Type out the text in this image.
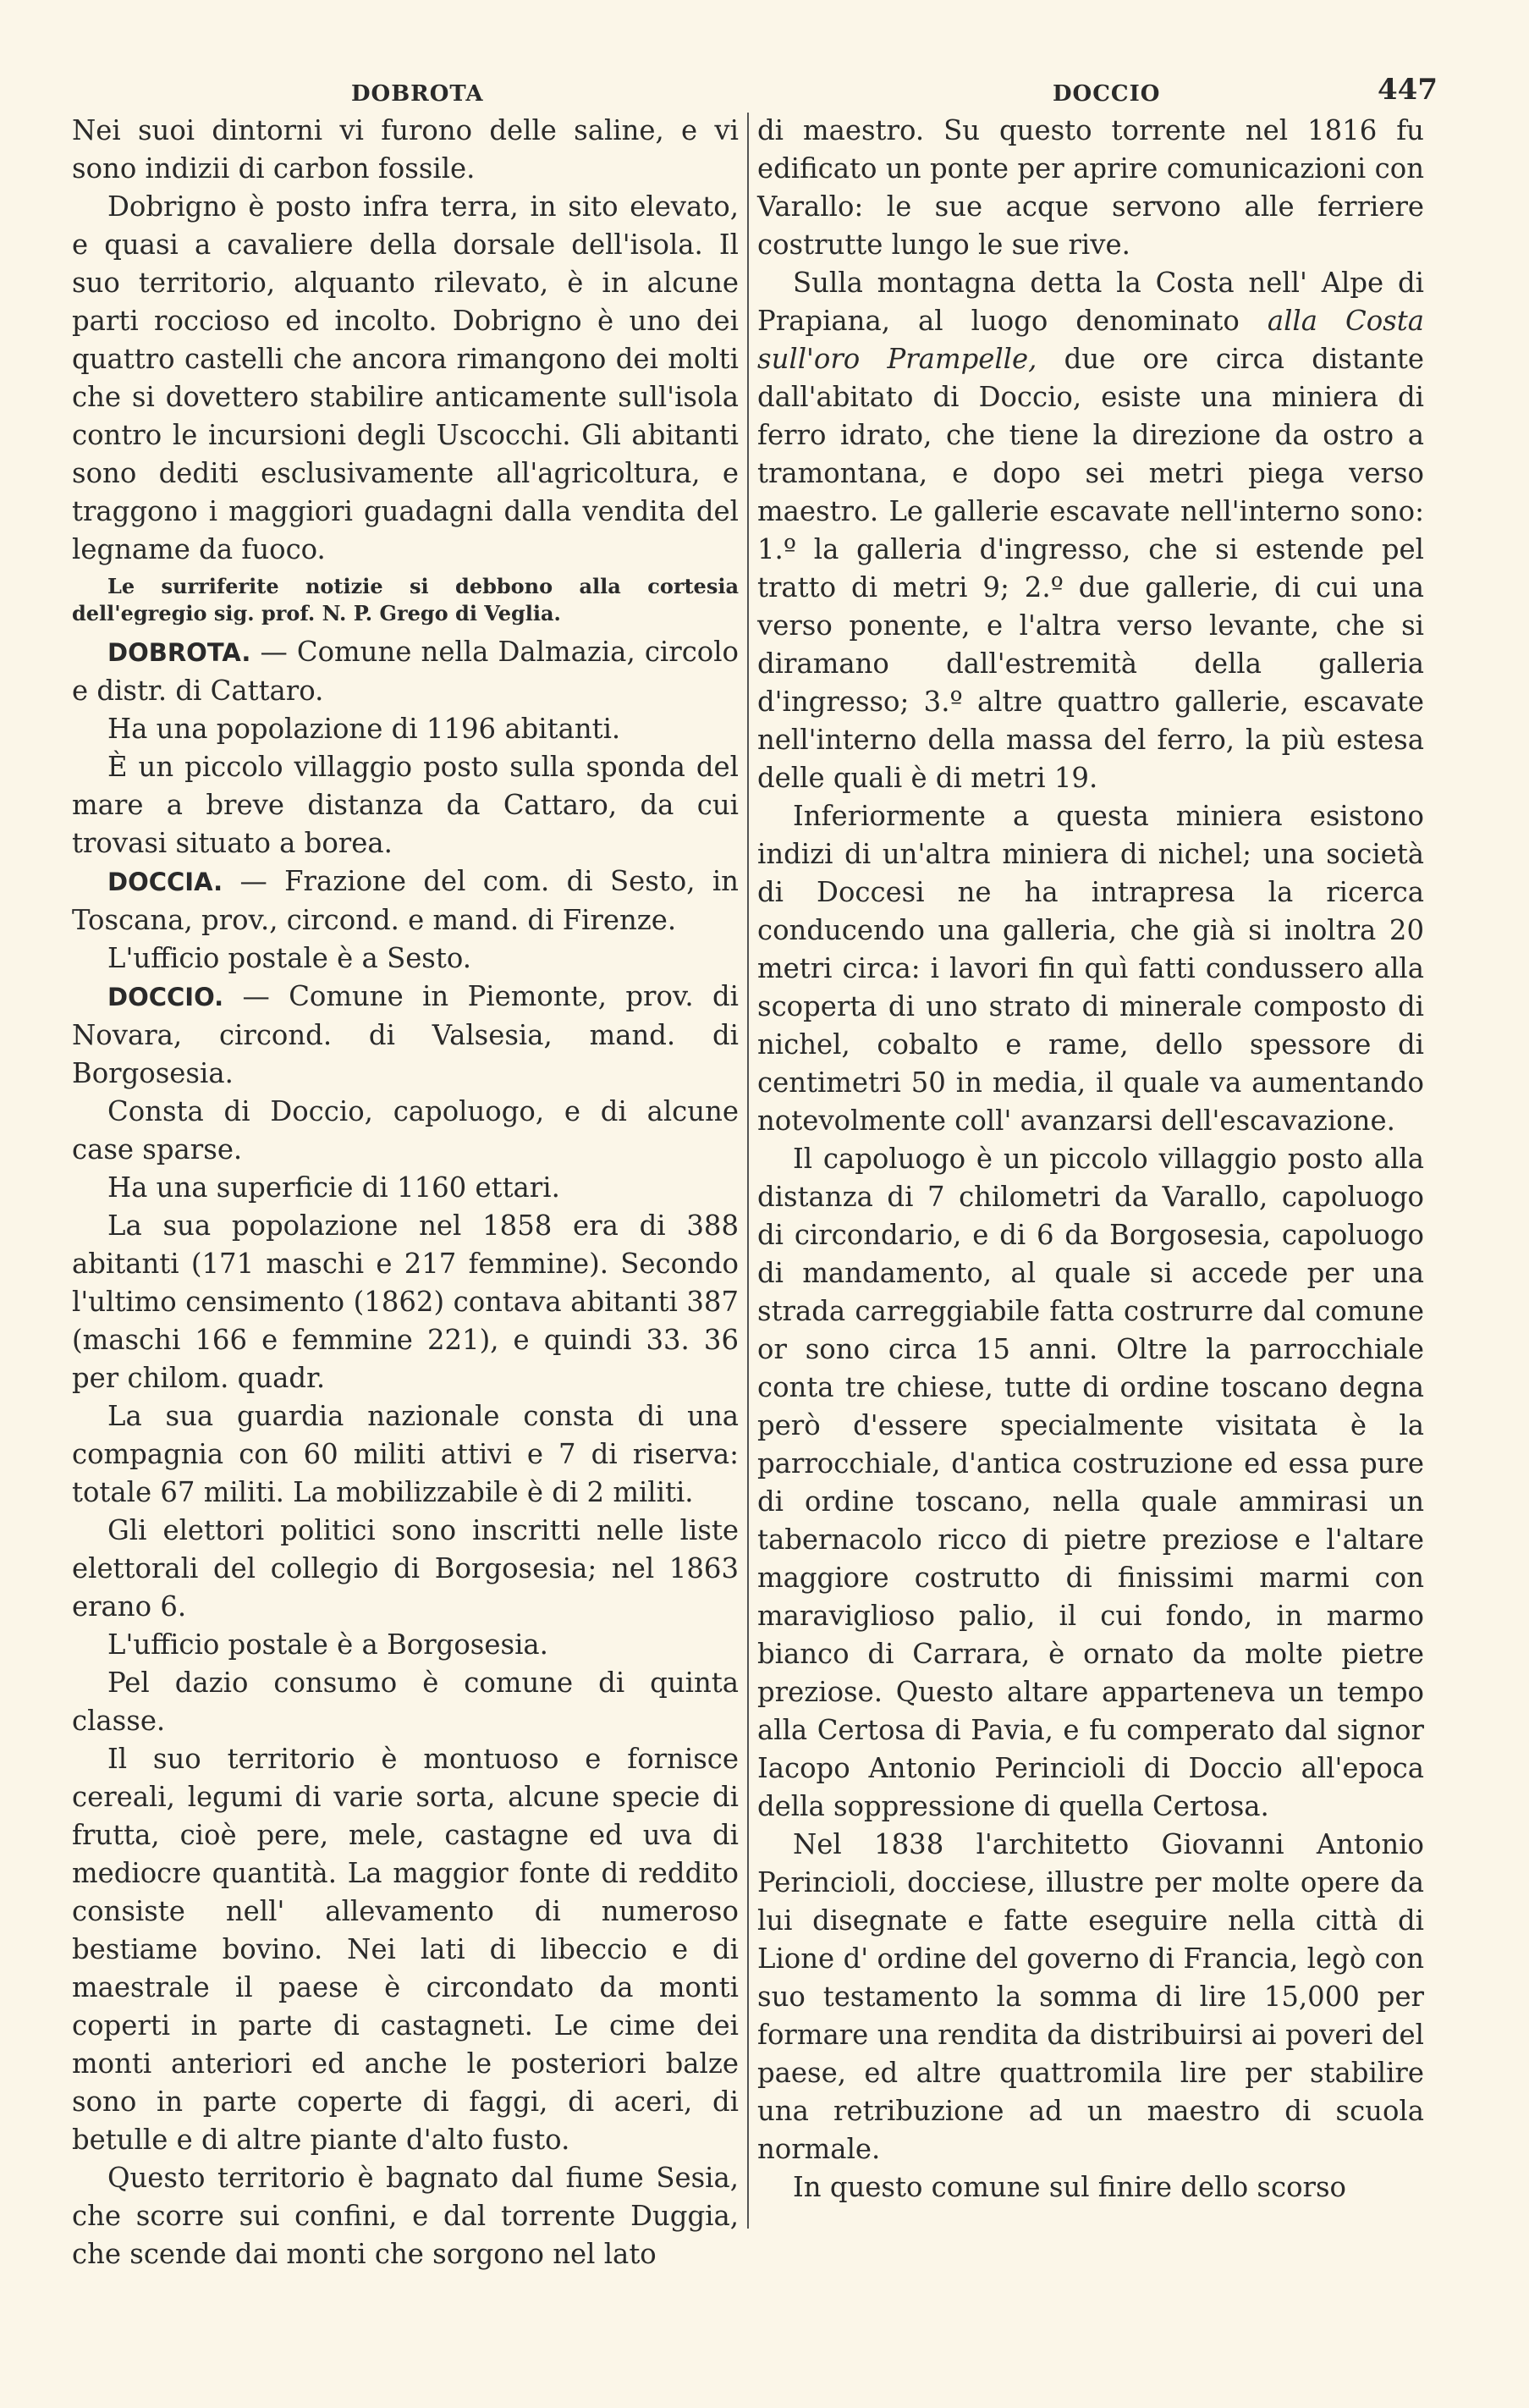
DOBROTA	DOCCIO	447

Nei suoi dintorni vi furono delle saline, e vi sono indizii di carbon fossile.

Dobrigno è posto infra terra, in sito elevato, e quasi a cavaliere della dorsale dell'isola. Il suo territorio, alquanto rilevato, è in alcune parti roccioso ed incolto. Dobrigno è uno dei quattro castelli che ancora rimangono dei molti che si dovettero stabilire anticamente sull'isola contro le incursioni degli Uscocchi. Gli abitanti sono dediti esclusivamente all'agricoltura, e traggono i maggiori guadagni dalla vendita del legname da fuoco.

Le surriferite notizie si debbono alla cortesia dell'egregio sig. prof. N. P. Grego di Veglia.

DOBROTA. — Comune nella Dalmazia, circolo e distr. di Cattaro.

Ha una popolazione di 1196 abitanti.

È un piccolo villaggio posto sulla sponda del mare a breve distanza da Cattaro, da cui trovasi situato a borea.

DOCCIA. — Frazione del com. di Sesto, in Toscana, prov., circond. e mand. di Firenze.

L'ufficio postale è a Sesto.

DOCCIO. — Comune in Piemonte, prov. di Novara, circond. di Valsesia, mand. di Borgosesia.

Consta di Doccio, capoluogo, e di alcune case sparse.

Ha una superficie di 1160 ettari.

La sua popolazione nel 1858 era di 388 abitanti (171 maschi e 217 femmine). Secondo l'ultimo censimento (1862) contava abitanti 387 (maschi 166 e femmine 221), e quindi 33. 36 per chilom. quadr.

La sua guardia nazionale consta di una compagnia con 60 militi attivi e 7 di riserva: totale 67 militi. La mobilizzabile è di 2 militi.

Gli elettori politici sono inscritti nelle liste elettorali del collegio di Borgosesia; nel 1863 erano 6.

L'ufficio postale è a Borgosesia.

Pel dazio consumo è comune di quinta classe.

Il suo territorio è montuoso e fornisce cereali, legumi di varie sorta, alcune specie di frutta, cioè pere, mele, castagne ed uva di mediocre quantità. La maggior fonte di reddito consiste nell' allevamento di numeroso bestiame bovino. Nei lati di libeccio e di maestrale il paese è circondato da monti coperti in parte di castagneti. Le cime dei monti anteriori ed anche le posteriori balze sono in parte coperte di faggi, di aceri, di betulle e di altre piante d'alto fusto.

Questo territorio è bagnato dal fiume Sesia, che scorre sui confini, e dal torrente Duggia, che scende dai monti che sorgono nel lato

di maestro. Su questo torrente nel 1816 fu edificato un ponte per aprire comunicazioni con Varallo: le sue acque servono alle ferriere costrutte lungo le sue rive.

Sulla montagna detta la Costa nell' Alpe di Prapiana, al luogo denominato alla Costa sull'oro Prampelle, due ore circa distante dall'abitato di Doccio, esiste una miniera di ferro idrato, che tiene la direzione da ostro a tramontana, e dopo sei metri piega verso maestro. Le gallerie escavate nell'interno sono: 1.º la galleria d'ingresso, che si estende pel tratto di metri 9; 2.º due gallerie, di cui una verso ponente, e l'altra verso levante, che si diramano dall'estremità della galleria d'ingresso; 3.º altre quattro gallerie, escavate nell'interno della massa del ferro, la più estesa delle quali è di metri 19.

Inferiormente a questa miniera esistono indizi di un'altra miniera di nichel; una società di Doccesi ne ha intrapresa la ricerca conducendo una galleria, che già si inoltra 20 metri circa: i lavori fin quì fatti condussero alla scoperta di uno strato di minerale composto di nichel, cobalto e rame, dello spessore di centimetri 50 in media, il quale va aumentando notevolmente coll' avanzarsi dell'escavazione.

Il capoluogo è un piccolo villaggio posto alla distanza di 7 chilometri da Varallo, capoluogo di circondario, e di 6 da Borgosesia, capoluogo di mandamento, al quale si accede per una strada carreggiabile fatta costrurre dal comune or sono circa 15 anni. Oltre la parrocchiale conta tre chiese, tutte di ordine toscano degna però d'essere specialmente visitata è la parrocchiale, d'antica costruzione ed essa pure di ordine toscano, nella quale ammirasi un tabernacolo ricco di pietre preziose e l'altare maggiore costrutto di finissimi marmi con maraviglioso palio, il cui fondo, in marmo bianco di Carrara, è ornato da molte pietre preziose. Questo altare apparteneva un tempo alla Certosa di Pavia, e fu comperato dal signor Iacopo Antonio Perincioli di Doccio all'epoca della soppressione di quella Certosa.

Nel 1838 l'architetto Giovanni Antonio Perincioli, docciese, illustre per molte opere da lui disegnate e fatte eseguire nella città di Lione d' ordine del governo di Francia, legò con suo testamento la somma di lire 15,000 per formare una rendita da distribuirsi ai poveri del paese, ed altre quattromila lire per stabilire una retribuzione ad un maestro di scuola normale.

In questo comune sul finire dello scorso
